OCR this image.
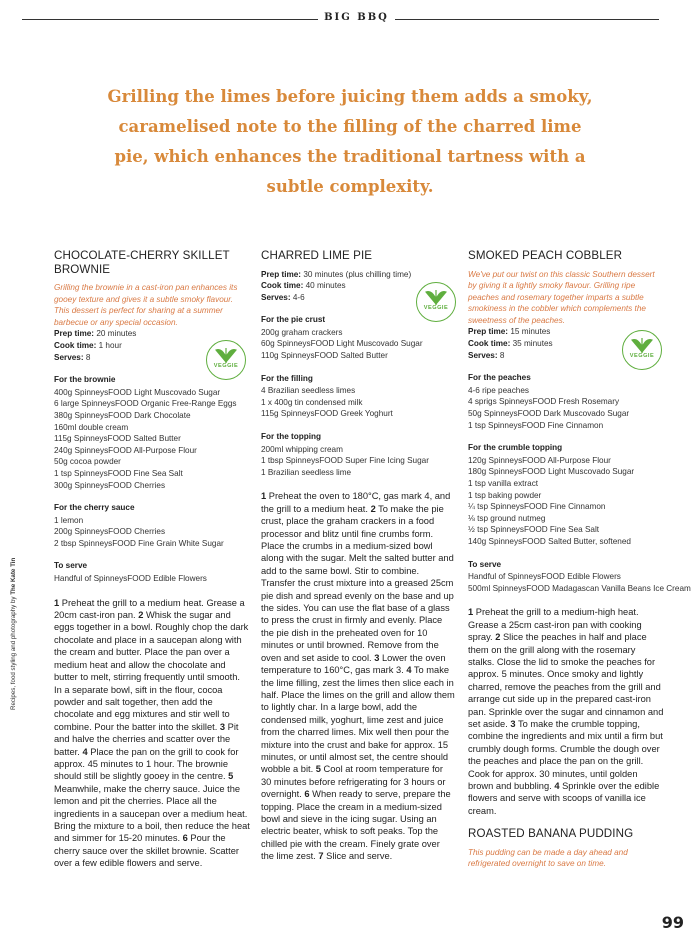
BIG BBQ
Grilling the limes before juicing them adds a smoky, caramelised note to the filling of the charred lime pie, which enhances the traditional tartness with a subtle complexity.
CHOCOLATE-CHERRY SKILLET BROWNIE

Grilling the brownie in a cast-iron pan enhances its gooey texture and gives it a subtle smoky flavour. This dessert is perfect for sharing at a summer barbecue or any special occasion.

Prep time: 20 minutes

Cook time: 1 hour

Serves: 8

For the brownie
400g SpinneysFOOD Light Muscovado Sugar
6 large SpinneysFOOD Organic Free-Range Eggs
380g SpinneysFOOD Dark Chocolate
160ml double cream
115g SpinneysFOOD Salted Butter
240g SpinneysFOOD All-Purpose Flour
50g cocoa powder
1 tsp SpinneysFOOD Fine Sea Salt
300g SpinneysFOOD Cherries
For the cherry sauce
1 lemon
200g SpinneysFOOD Cherries
2 tbsp SpinneysFOOD Fine Grain White Sugar
To serve
Handful of SpinneysFOOD Edible Flowers

1 Preheat the grill to a medium heat. Grease a 20cm cast-iron pan. 2 Whisk the sugar and eggs together in a bowl. Roughly chop the dark chocolate and place in a saucepan along with the cream and butter. Place the pan over a medium heat and allow the chocolate and butter to melt, stirring frequently until smooth. In a separate bowl, sift in the flour, cocoa powder and salt together, then add the chocolate and egg mixtures and stir well to combine. Pour the batter into the skillet. 3 Pit and halve the cherries and scatter over the batter. 4 Place the pan on the grill to cook for approx. 45 minutes to 1 hour. The brownie should still be slightly gooey in the centre. 5 Meanwhile, make the cherry sauce. Juice the lemon and pit the cherries. Place all the ingredients in a saucepan over a medium heat. Bring the mixture to a boil, then reduce the heat and simmer for 15-20 minutes. 6 Pour the cherry sauce over the skillet brownie. Scatter over a few edible flowers and serve.

CHARRED LIME PIE

Prep time: 30 minutes (plus chilling time)

Cook time: 40 minutes

Serves: 4-6

For the pie crust
200g graham crackers
60g SpinneysFOOD Light Muscovado Sugar
110g SpinneysFOOD Salted Butter
For the filling
4 Brazilian seedless limes
1 x 400g tin condensed milk
115g SpinneysFOOD Greek Yoghurt
For the topping
200ml whipping cream
1 tbsp SpinneysFOOD Super Fine Icing Sugar
1 Brazilian seedless lime

1 Preheat the oven to 180°C, gas mark 4, and the grill to a medium heat. 2 To make the pie crust, place the graham crackers in a food processor and blitz until fine crumbs form. Place the crumbs in a medium-sized bowl along with the sugar. Melt the salted butter and add to the same bowl. Stir to combine. Transfer the crust mixture into a greased 25cm pie dish and spread evenly on the base and up the sides. You can use the flat base of a glass to press the crust in firmly and evenly. Place the pie dish in the preheated oven for 10 minutes or until browned. Remove from the oven and set aside to cool. 3 Lower the oven temperature to 160°C, gas mark 3. 4 To make the lime filling, zest the limes then slice each in half. Place the limes on the grill and allow them to lightly char. In a large bowl, add the condensed milk, yoghurt, lime zest and juice from the charred limes. Mix well then pour the mixture into the crust and bake for approx. 15 minutes, or until almost set, the centre should wobble a bit. 5 Cool at room temperature for 30 minutes before refrigerating for 3 hours or overnight. 6 When ready to serve, prepare the topping. Place the cream in a medium-sized bowl and sieve in the icing sugar. Using an electric beater, whisk to soft peaks. Top the chilled pie with the cream. Finely grate over the lime zest. 7 Slice and serve.

SMOKED PEACH COBBLER

We've put our twist on this classic Southern dessert by giving it a lightly smoky flavour. Grilling ripe peaches and rosemary together imparts a subtle smokiness in the cobbler which complements the sweetness of the peaches.

Prep time: 15 minutes

Cook time: 35 minutes

Serves: 8

For the peaches
4-6 ripe peaches
4 sprigs SpinneysFOOD Fresh Rosemary
50g SpinneysFOOD Dark Muscovado Sugar
1 tsp SpinneysFOOD Fine Cinnamon
For the crumble topping
120g SpinneysFOOD All-Purpose Flour
180g SpinneysFOOD Light Muscovado Sugar
1 tsp vanilla extract
1 tsp baking powder
¼ tsp SpinneysFOOD Fine Cinnamon
⅛ tsp ground nutmeg
½ tsp SpinneysFOOD Fine Sea Salt
140g SpinneysFOOD Salted Butter, softened
To serve
Handful of SpinneysFOOD Edible Flowers
500ml SpinneysFOOD Madagascan Vanilla Beans Ice Cream

1 Preheat the grill to a medium-high heat. Grease a 25cm cast-iron pan with cooking spray. 2 Slice the peaches in half and place them on the grill along with the rosemary stalks. Close the lid to smoke the peaches for approx. 5 minutes. Once smoky and lightly charred, remove the peaches from the grill and arrange cut side up in the prepared cast-iron pan. Sprinkle over the sugar and cinnamon and set aside. 3 To make the crumble topping, combine the ingredients and mix until a firm but crumbly dough forms. Crumble the dough over the peaches and place the pan on the grill. Cook for approx. 30 minutes, until golden brown and bubbling. 4 Sprinkle over the edible flowers and serve with scoops of vanilla ice cream.

ROASTED BANANA PUDDING

This pudding can be made a day ahead and refrigerated overnight to save on time.

VEGGIE
VEGGIE
VEGGIE
Recipes, food styling and photography by The Kate Tin
99
